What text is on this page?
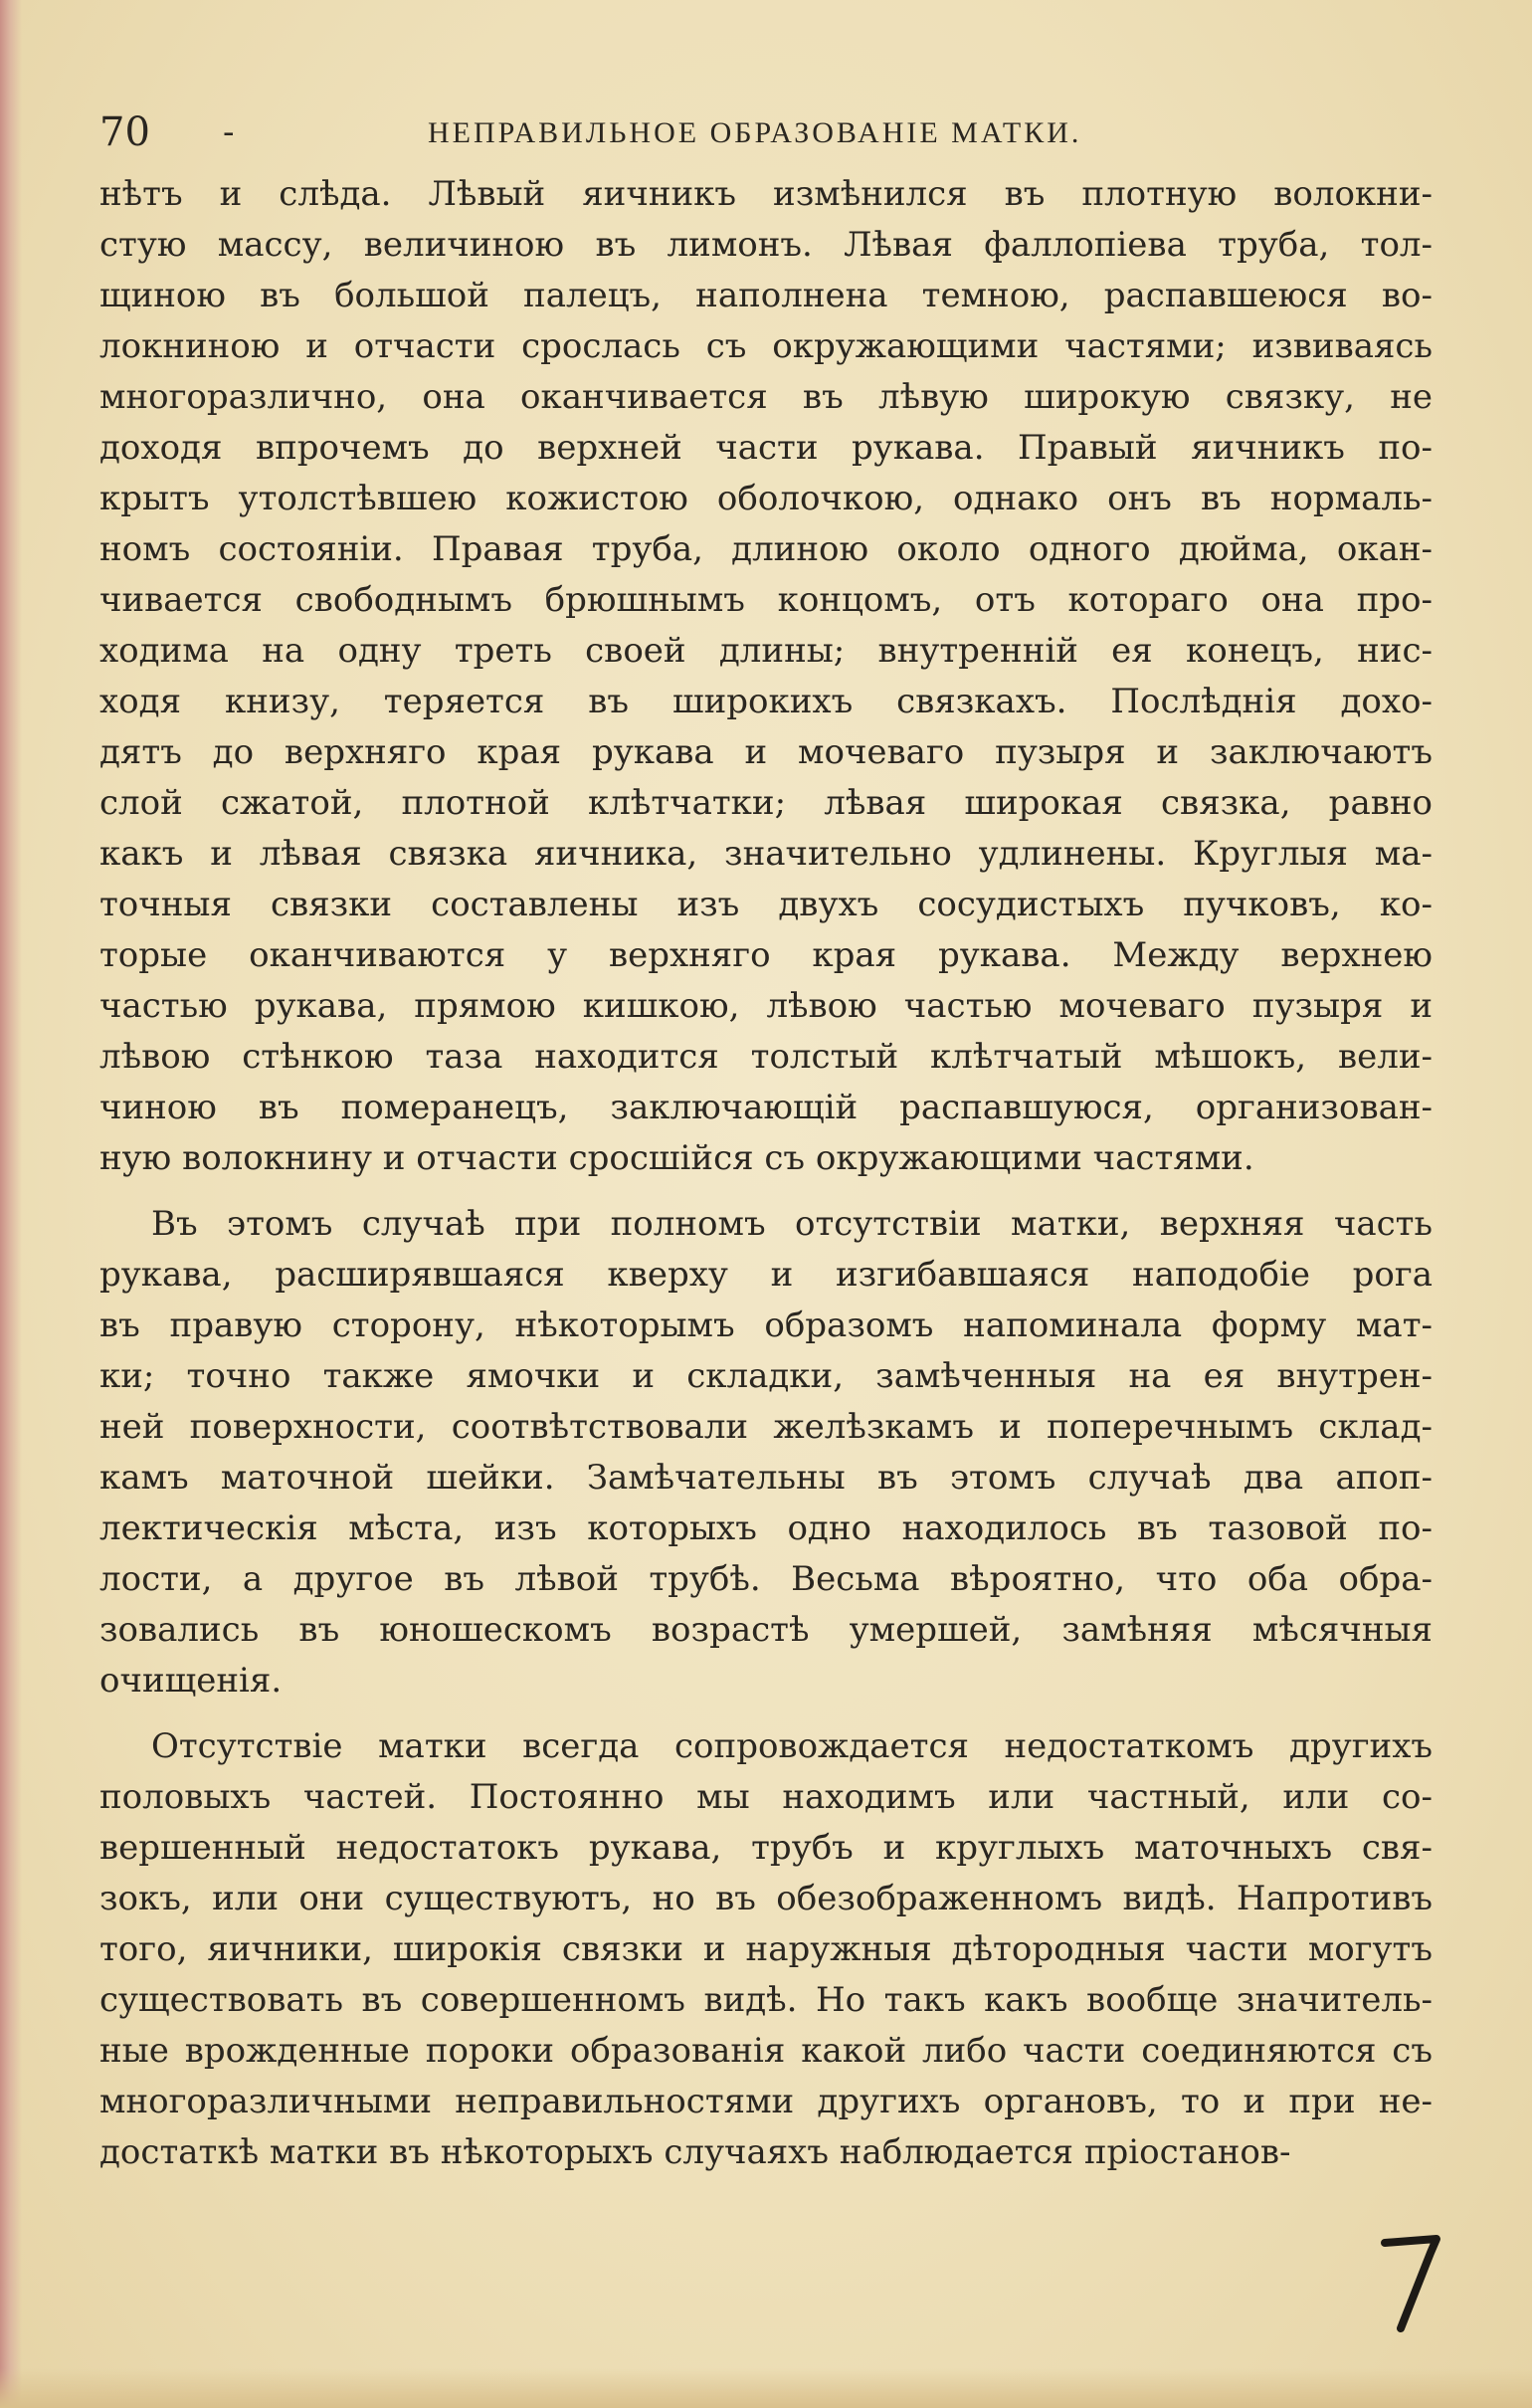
70 -	НЕПРАВИЛЬНОЕ ОБРАЗОВАНІЕ МАТКИ.
нѣтъ и слѣда. Лѣвый яичникъ измѣнился въ плотную волокни-
стую массу, величиною въ лимонъ. Лѣвая фаллопіева труба, тол-
щиною въ большой палецъ, наполнена темною, распавшеюся во-
локниною и отчасти срослась съ окружающими частями; извиваясь
многоразлично, она оканчивается въ лѣвую широкую связку, не
доходя впрочемъ до верхней части рукава. Правый яичникъ по-
крытъ утолстѣвшею кожистою оболочкою, однако онъ въ нормаль-
номъ состояніи. Правая труба, длиною около одного дюйма, окан-
чивается свободнымъ брюшнымъ концомъ, отъ котораго она про-
ходима на одну треть своей длины; внутренній ея конецъ, нис-
ходя книзу, теряется въ широкихъ связкахъ. Послѣднія дохо-
дятъ до верхняго края рукава и мочеваго пузыря и заключаютъ
слой сжатой, плотной клѣтчатки; лѣвая широкая связка, равно
какъ и лѣвая связка яичника, значительно удлинены. Круглыя ма-
точныя связки составлены изъ двухъ сосудистыхъ пучковъ, ко-
торые оканчиваются у верхняго края рукава. Между верхнею
частью рукава, прямою кишкою, лѣвою частью мочеваго пузыря и
лѣвою стѣнкою таза находится толстый клѣтчатый мѣшокъ, вели-
чиною въ померанецъ, заключающій распавшуюся, организован-
ную волокнину и отчасти сросшійся съ окружающими частями.
Въ этомъ случаѣ при полномъ отсутствіи матки, верхняя часть
рукава, расширявшаяся кверху и изгибавшаяся наподобіе рога
въ правую сторону, нѣкоторымъ образомъ напоминала форму мат-
ки; точно также ямочки и складки, замѣченныя на ея внутрен-
ней поверхности, соотвѣтствовали желѣзкамъ и поперечнымъ склад-
камъ маточной шейки. Замѣчательны въ этомъ случаѣ два апоп-
лектическія мѣста, изъ которыхъ одно находилось въ тазовой по-
лости, а другое въ лѣвой трубѣ. Весьма вѣроятно, что оба обра-
зовались въ юношескомъ возрастѣ умершей, замѣняя мѣсячныя
очищенія.
Отсутствіе матки всегда сопровождается недостаткомъ другихъ
половыхъ частей. Постоянно мы находимъ или частный, или со-
вершенный недостатокъ рукава, трубъ и круглыхъ маточныхъ свя-
зокъ, или они существуютъ, но въ обезображенномъ видѣ. Напротивъ
того, яичники, широкія связки и наружныя дѣтородныя части могутъ
существовать въ совершенномъ видѣ. Но такъ какъ вообще значитель-
ные врожденные пороки образованія какой либо части соединяются съ
многоразличными неправильностями другихъ органовъ, то и при не-
достаткѣ матки въ нѣкоторыхъ случаяхъ наблюдается пріостанов-
